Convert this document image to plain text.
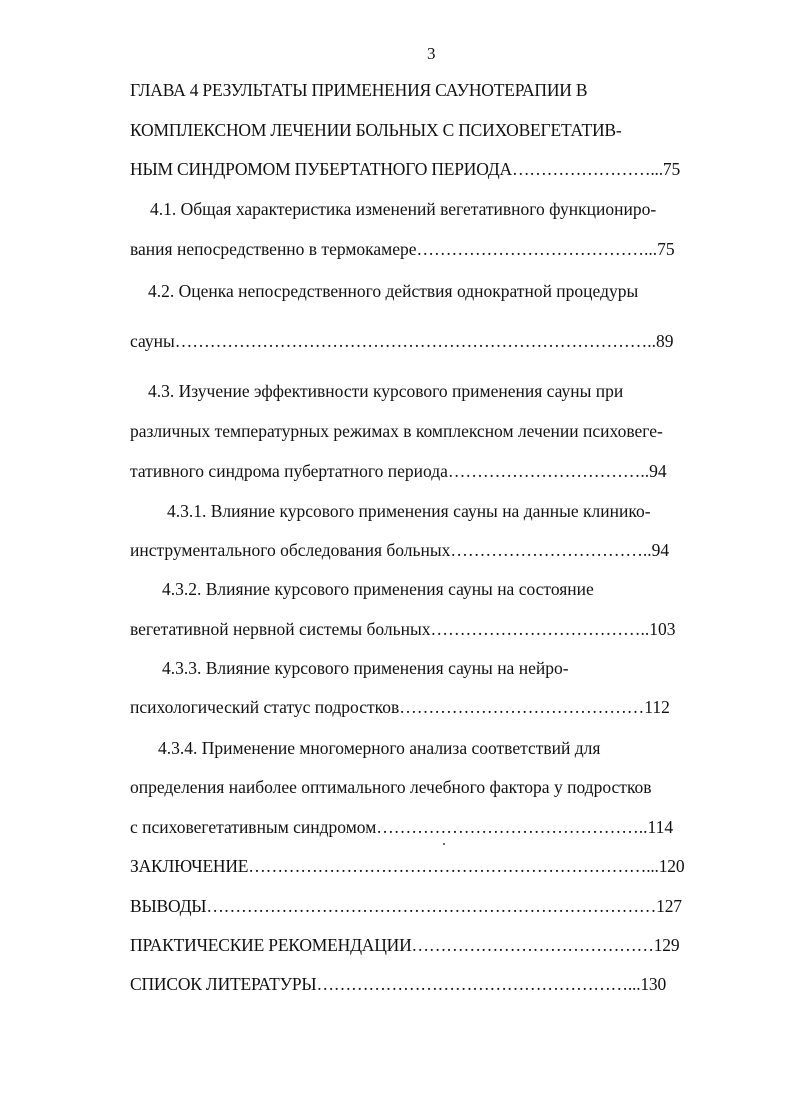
3
ГЛАВА 4 РЕЗУЛЬТАТЫ ПРИМЕНЕНИЯ САУНОТЕРАПИИ В
КОМПЛЕКСНОМ ЛЕЧЕНИИ БОЛЬНЫХ С ПСИХОВЕГЕТАТИВ-
НЫМ СИНДРОМОМ ПУБЕРТАТНОГО ПЕРИОДА……………………...75
4.1. Общая характеристика изменений вегетативного функциониро-
вания непосредственно в термокамере…………………………………...75
4.2. Оценка непосредственного действия однократной процедуры
сауны………………………………………………………………………..89
4.3. Изучение эффективности курсового применения сауны при
различных температурных режимах в комплексном лечении психовеге-
тативного синдрома пубертатного периода……………………………..94
4.3.1. Влияние курсового применения сауны на данные клинико-
инструментального обследования больных……………………………..94
4.3.2. Влияние курсового применения сауны на состояние
вегетативной нервной системы больных………………………………..103
4.3.3. Влияние курсового применения сауны на нейро-
психологический статус подростков……………………………………112
4.3.4. Применение многомерного анализа соответствий для
определения наиболее оптимального лечебного фактора у подростков
с психовегетативным синдромом………………………………………..114
ЗАКЛЮЧЕНИЕ……………………………………………………………...120
ВЫВОДЫ……………………………………………………………………127
ПРАКТИЧЕСКИЕ РЕКОМЕНДАЦИИ……………………………………129
СПИСОК ЛИТЕРАТУРЫ………………………………………………...130
